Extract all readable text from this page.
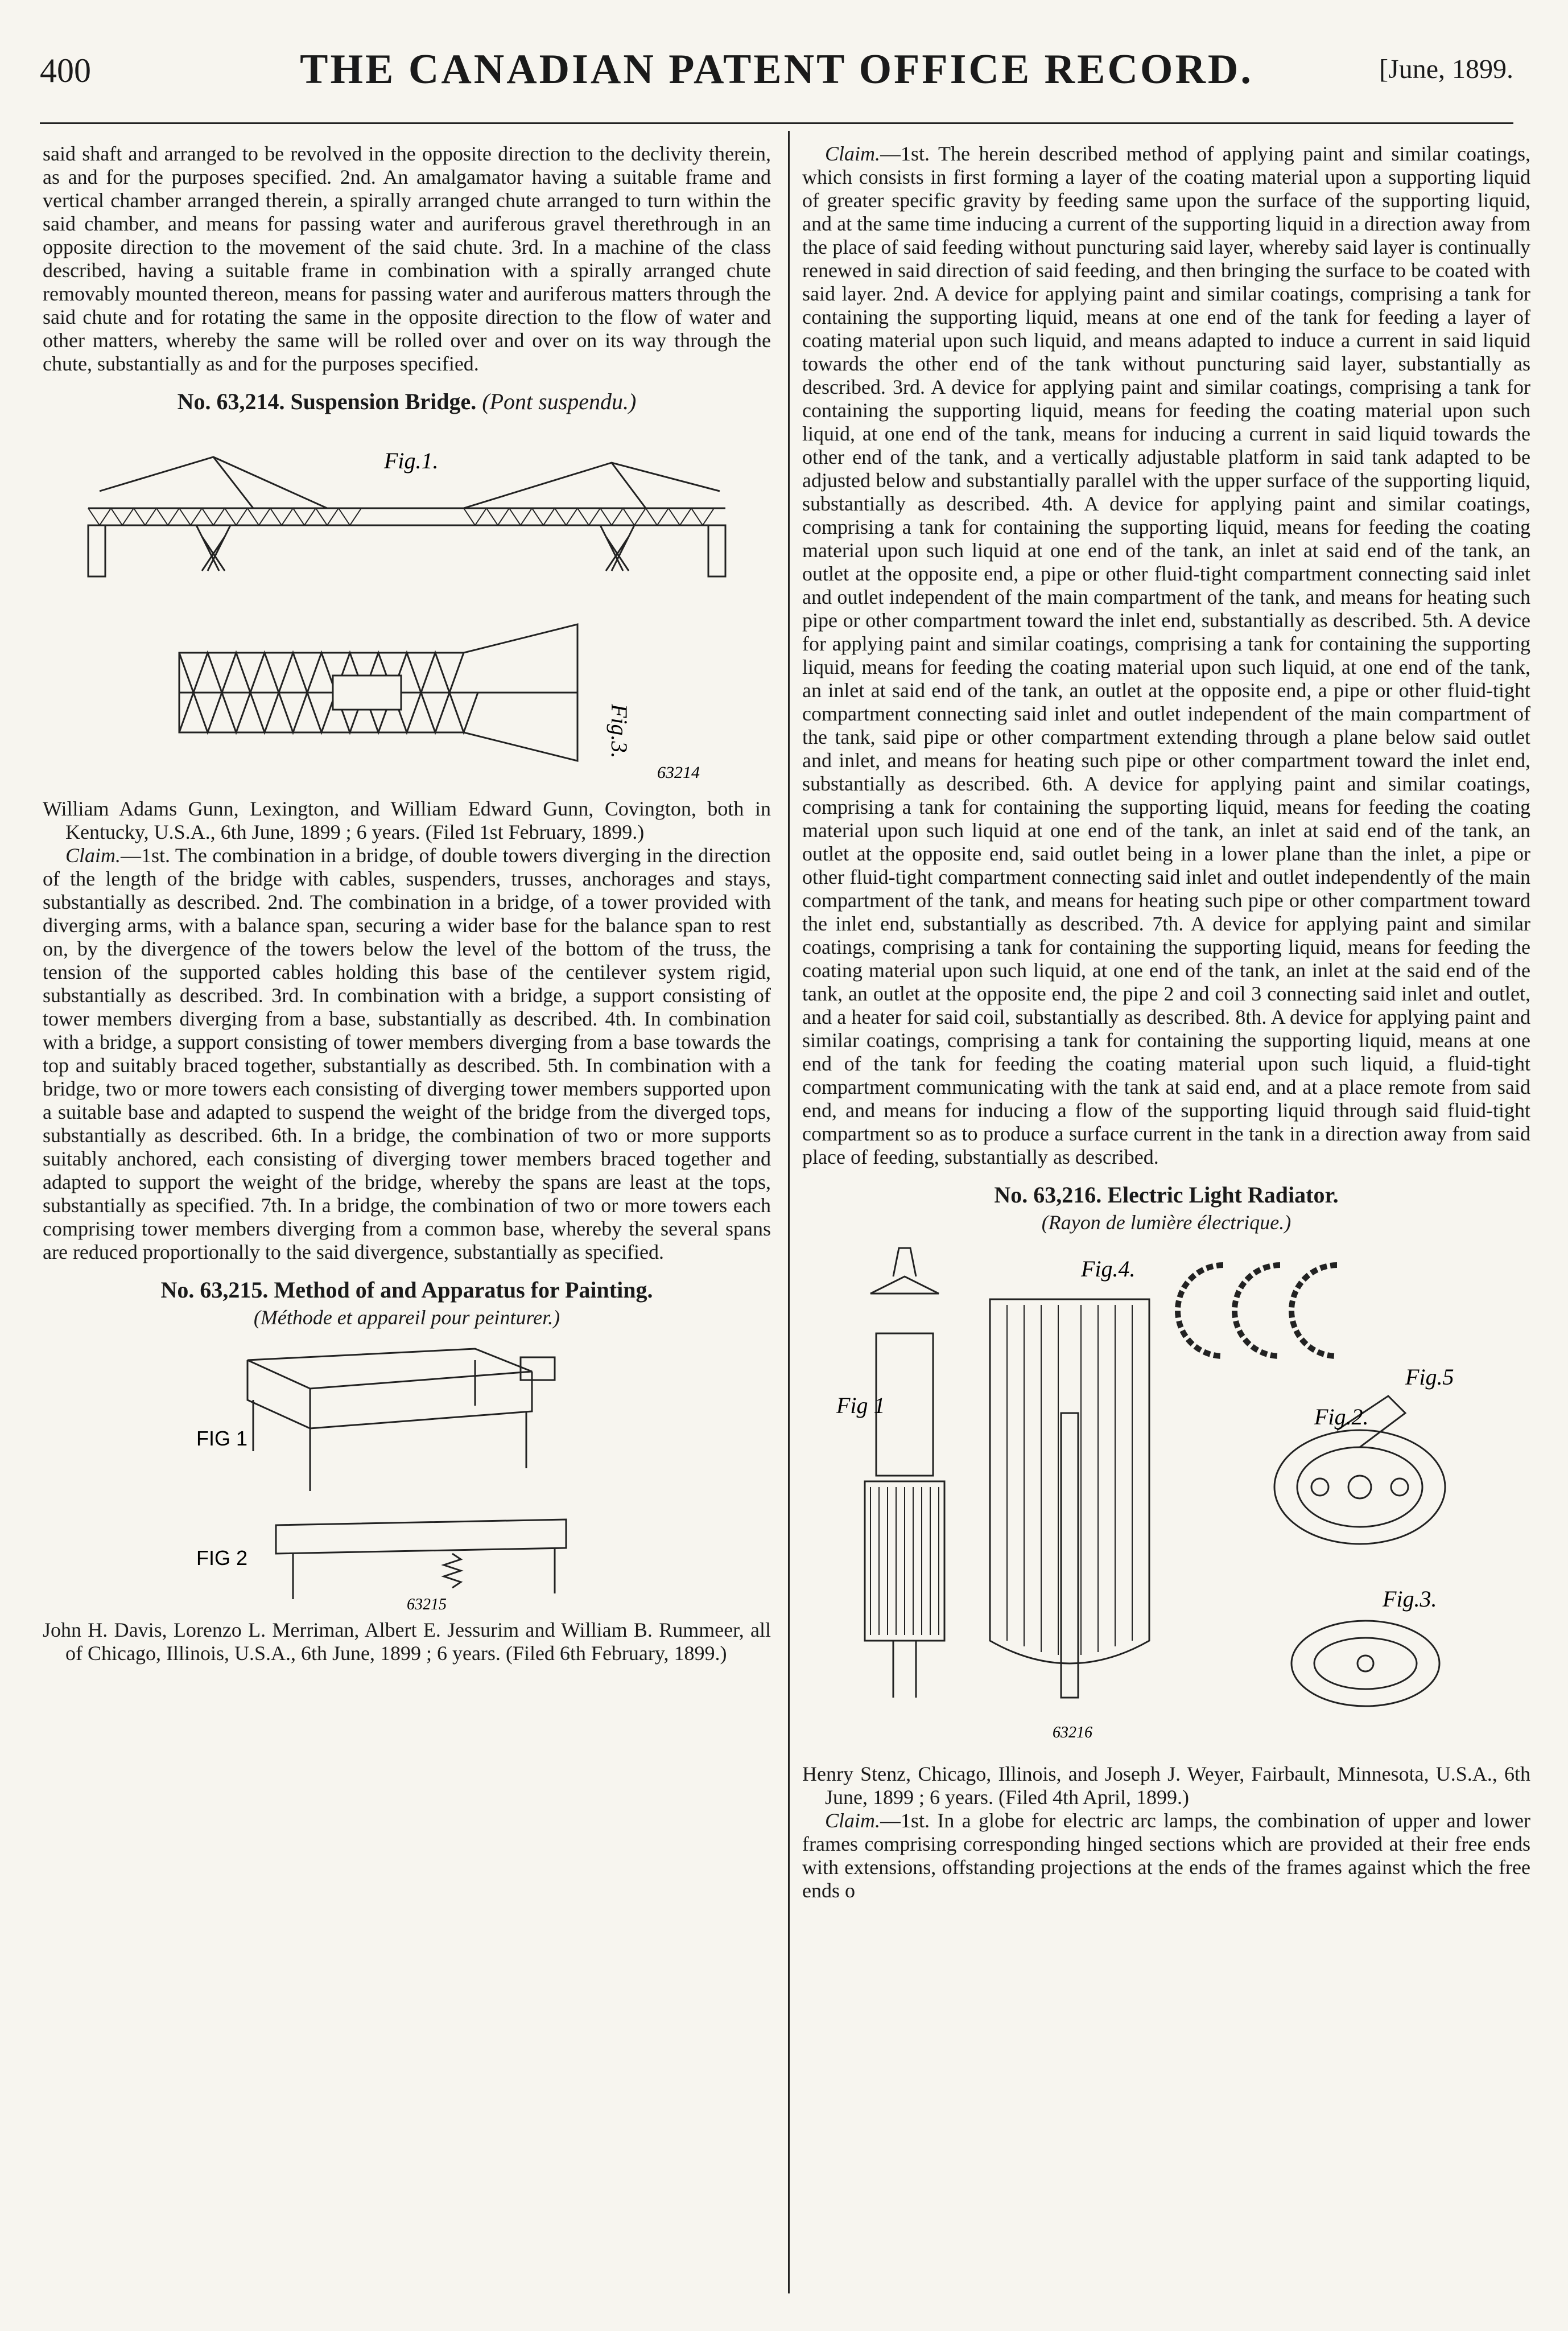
400	THE CANADIAN PATENT OFFICE RECORD.	[June, 1899.

said shaft and arranged to be revolved in the opposite direction to the declivity therein, as and for the purposes specified. 2nd. An amalgamator having a suitable frame and vertical chamber arranged therein, a spirally arranged chute arranged to turn within the said chamber, and means for passing water and auriferous gravel therethrough in an opposite direction to the movement of the said chute. 3rd. In a machine of the class described, having a suitable frame in combination with a spirally arranged chute removably mounted thereon, means for passing water and auriferous matters through the said chute and for rotating the same in the opposite direction to the flow of water and other matters, whereby the same will be rolled over and over on its way through the chute, substantially as and for the purposes specified.

No. 63,214. Suspension Bridge. (Pont suspendu.)
Fig.1.
Fig.3.
63214

William Adams Gunn, Lexington, and William Edward Gunn, Covington, both in Kentucky, U.S.A., 6th June, 1899 ; 6 years. (Filed 1st February, 1899.)

Claim.—1st. The combination in a bridge, of double towers diverging in the direction of the length of the bridge with cables, suspenders, trusses, anchorages and stays, substantially as described. 2nd. The combination in a bridge, of a tower provided with diverging arms, with a balance span, securing a wider base for the balance span to rest on, by the divergence of the towers below the level of the bottom of the truss, the tension of the supported cables holding this base of the centilever system rigid, substantially as described. 3rd. In combination with a bridge, a support consisting of tower members diverging from a base, substantially as described. 4th. In combination with a bridge, a support consisting of tower members diverging from a base towards the top and suitably braced together, substantially as described. 5th. In combination with a bridge, two or more towers each consisting of diverging tower members supported upon a suitable base and adapted to suspend the weight of the bridge from the diverged tops, substantially as described. 6th. In a bridge, the combination of two or more supports suitably anchored, each consisting of diverging tower members braced together and adapted to support the weight of the bridge, whereby the spans are least at the tops, substantially as specified. 7th. In a bridge, the combination of two or more towers each comprising tower members diverging from a common base, whereby the several spans are reduced proportionally to the said divergence, substantially as specified.

No. 63,215. Method of and Apparatus for Painting.
(Méthode et appareil pour peinturer.)
FIG 1
FIG 2
63215

John H. Davis, Lorenzo L. Merriman, Albert E. Jessurim and William B. Rummeer, all of Chicago, Illinois, U.S.A., 6th June, 1899 ; 6 years. (Filed 6th February, 1899.)

Claim.—1st. The herein described method of applying paint and similar coatings, which consists in first forming a layer of the coating material upon a supporting liquid of greater specific gravity by feeding same upon the surface of the supporting liquid, and at the same time inducing a current of the supporting liquid in a direction away from the place of said feeding without puncturing said layer, whereby said layer is continually renewed in said direction of said feeding, and then bringing the surface to be coated with said layer. 2nd. A device for applying paint and similar coatings, comprising a tank for containing the supporting liquid, means at one end of the tank for feeding a layer of coating material upon such liquid, and means adapted to induce a current in said liquid towards the other end of the tank without puncturing said layer, substantially as described. 3rd. A device for applying paint and similar coatings, comprising a tank for containing the supporting liquid, means for feeding the coating material upon such liquid, at one end of the tank, means for inducing a current in said liquid towards the other end of the tank, and a vertically adjustable platform in said tank adapted to be adjusted below and substantially parallel with the upper surface of the supporting liquid, substantially as described. 4th. A device for applying paint and similar coatings, comprising a tank for containing the supporting liquid, means for feeding the coating material upon such liquid at one end of the tank, an inlet at said end of the tank, an outlet at the opposite end, a pipe or other fluid-tight compartment connecting said inlet and outlet independent of the main compartment of the tank, and means for heating such pipe or other compartment toward the inlet end, substantially as described. 5th. A device for applying paint and similar coatings, comprising a tank for containing the supporting liquid, means for feeding the coating material upon such liquid, at one end of the tank, an inlet at said end of the tank, an outlet at the opposite end, a pipe or other fluid-tight compartment connecting said inlet and outlet independent of the main compartment of the tank, said pipe or other compartment extending through a plane below said outlet and inlet, and means for heating such pipe or other compartment toward the inlet end, substantially as described. 6th. A device for applying paint and similar coatings, comprising a tank for containing the supporting liquid, means for feeding the coating material upon such liquid at one end of the tank, an inlet at said end of the tank, an outlet at the opposite end, said outlet being in a lower plane than the inlet, a pipe or other fluid-tight compartment connecting said inlet and outlet independently of the main compartment of the tank, and means for heating such pipe or other compartment toward the inlet end, substantially as described. 7th. A device for applying paint and similar coatings, comprising a tank for containing the supporting liquid, means for feeding the coating material upon such liquid, at one end of the tank, an inlet at the said end of the tank, an outlet at the opposite end, the pipe 2 and coil 3 connecting said inlet and outlet, and a heater for said coil, substantially as described. 8th. A device for applying paint and similar coatings, comprising a tank for containing the supporting liquid, means at one end of the tank for feeding the coating material upon such liquid, a fluid-tight compartment communicating with the tank at said end, and at a place remote from said end, and means for inducing a flow of the supporting liquid through said fluid-tight compartment so as to produce a surface current in the tank in a direction away from said place of feeding, substantially as described.

No. 63,216. Electric Light Radiator.
(Rayon de lumière électrique.)
Fig 1	Fig.2.
Fig.3.
Fig.4.
Fig.5
63216

Henry Stenz, Chicago, Illinois, and Joseph J. Weyer, Fairbault, Minnesota, U.S.A., 6th June, 1899 ; 6 years. (Filed 4th April, 1899.)

Claim.—1st. In a globe for electric arc lamps, the combination of upper and lower frames comprising corresponding hinged sections which are provided at their free ends with extensions, offstanding projections at the ends of the frames against which the free ends o
